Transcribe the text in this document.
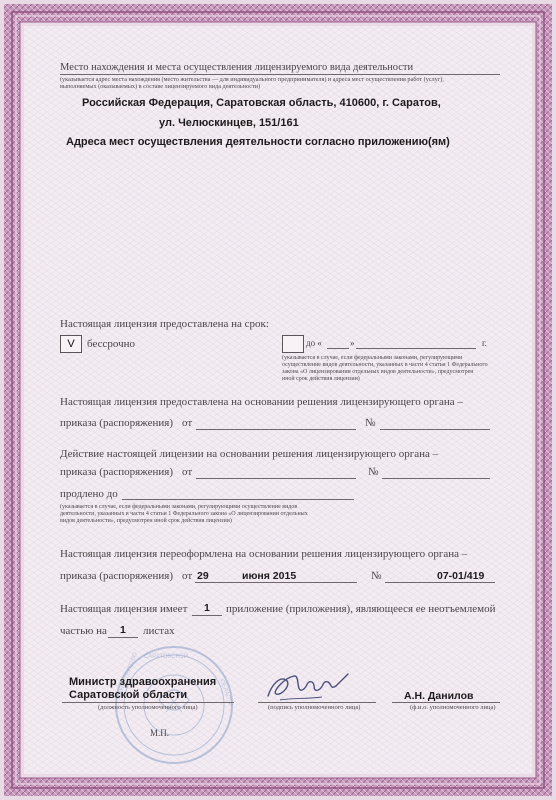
Место нахождения и места осуществления лицензируемого вида деятельности
(указывается адрес места нахождения (место жительства — для индивидуального предпринимателя) и адреса мест осуществления работ (услуг),
выполняемых (оказываемых) в составе лицензируемого вида деятельности)
Российская Федерация, Саратовская область, 410600, г. Саратов,
ул. Челюскинцев, 151/161
Адреса мест осуществления деятельности согласно приложению(ям)
Настоящая лицензия предоставлена на срок:
V	бессрочно	до «	»	г.
(указывается в случае, если федеральными законами, регулирующими
осуществление видов деятельности, указанных в части 4 статьи 1 Федерального
закона «О лицензировании отдельных видов деятельности», предусмотрен
иной срок действия лицензии)
Настоящая лицензия предоставлена на основании решения лицензирующего органа –
приказа (распоряжения) от	№
Действие настоящей лицензии на основании решения лицензирующего органа –
приказа (распоряжения) от	№
продлено до
(указывается в случае, если федеральными законами, регулирующими осуществление видов
деятельности, указанных в части 4 статьи 1 Федерального закона «О лицензировании отдельных
видов деятельности», предусмотрен иной срок действия лицензии)
Настоящая лицензия переоформлена на основании решения лицензирующего органа –
приказа (распоряжения) от 29	июня 2015	№	07-01/419
Настоящая лицензия имеет 1 приложение (приложения), являющееся ее неотъемлемой
частью на 1 листах
САРАТОВСКОЙ
МИНИСТЕРСТВО	ОБЛАСТИ
Министр здравоохранения
Саратовской области
(должность уполномоченного лица)	(подпись уполномоченного лица)
А.Н. Данилов
(ф.и.о. уполномоченного лица)
М.П.
